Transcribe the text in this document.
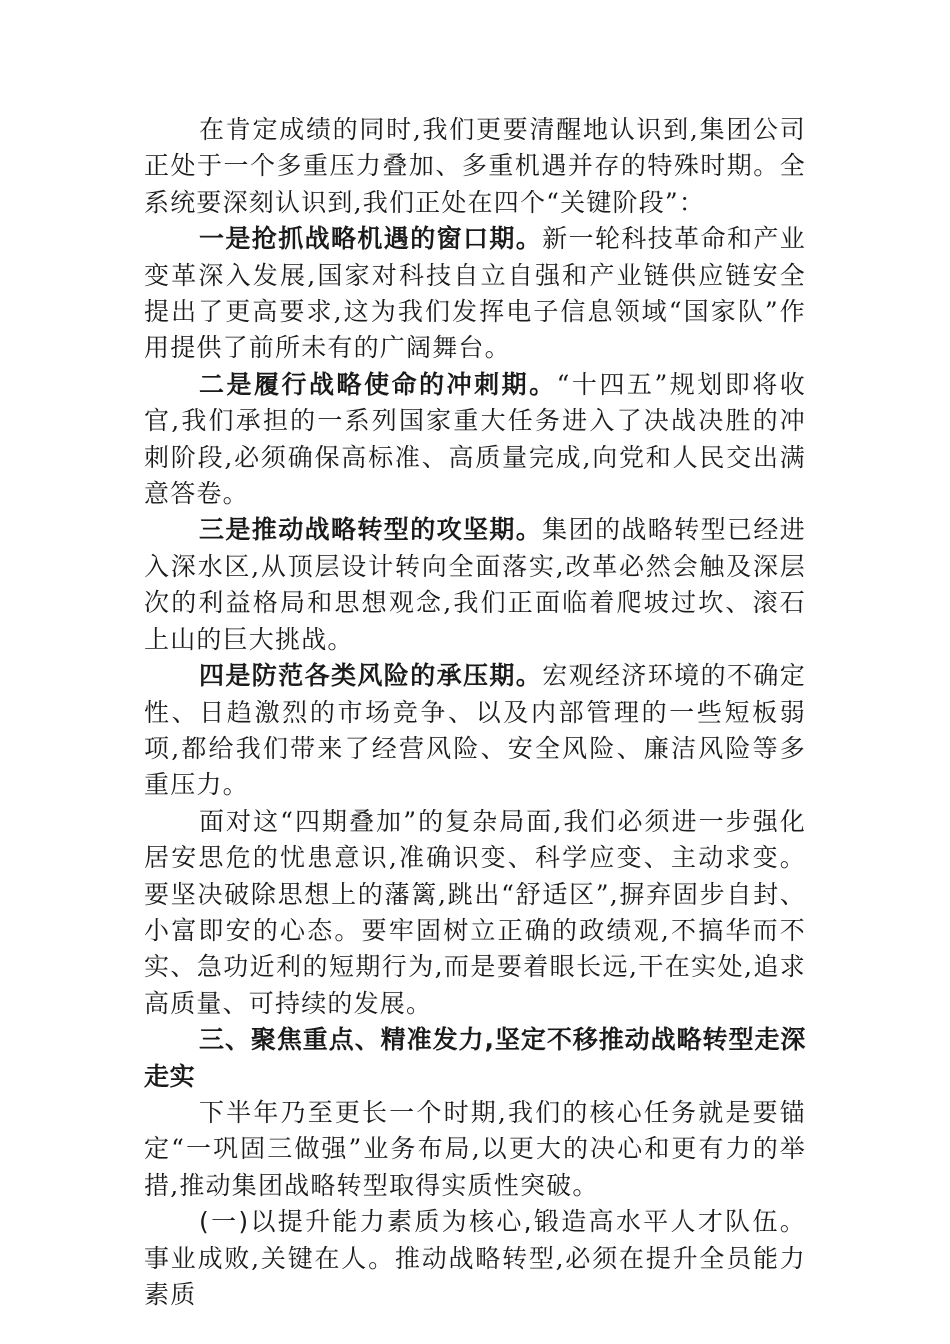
在肯定成绩的同时,我们更要清醒地认识到,集团公司正处于一个多重压力叠加、多重机遇并存的特殊时期。全系统要深刻认识到,我们正处在四个“关键阶段”：

一是抢抓战略机遇的窗口期。新一轮科技革命和产业变革深入发展,国家对科技自立自强和产业链供应链安全提出了更高要求,这为我们发挥电子信息领域“国家队”作用提供了前所未有的广阔舞台。

二是履行战略使命的冲刺期。“十四五”规划即将收官,我们承担的一系列国家重大任务进入了决战决胜的冲刺阶段,必须确保高标准、高质量完成,向党和人民交出满意答卷。

三是推动战略转型的攻坚期。集团的战略转型已经进入深水区,从顶层设计转向全面落实,改革必然会触及深层次的利益格局和思想观念,我们正面临着爬坡过坎、滚石上山的巨大挑战。

四是防范各类风险的承压期。宏观经济环境的不确定性、日趋激烈的市场竞争、以及内部管理的一些短板弱项,都给我们带来了经营风险、安全风险、廉洁风险等多重压力。

面对这“四期叠加”的复杂局面,我们必须进一步强化居安思危的忧患意识,准确识变、科学应变、主动求变。要坚决破除思想上的藩篱,跳出“舒适区”,摒弃固步自封、小富即安的心态。要牢固树立正确的政绩观,不搞华而不实、急功近利的短期行为,而是要着眼长远,干在实处,追求高质量、可持续的发展。

三、聚焦重点、精准发力,坚定不移推动战略转型走深走实

下半年乃至更长一个时期,我们的核心任务就是要锚定“一巩固三做强”业务布局,以更大的决心和更有力的举措,推动集团战略转型取得实质性突破。

(一)以提升能力素质为核心,锻造高水平人才队伍。事业成败,关键在人。推动战略转型,必须在提升全员能力素质
